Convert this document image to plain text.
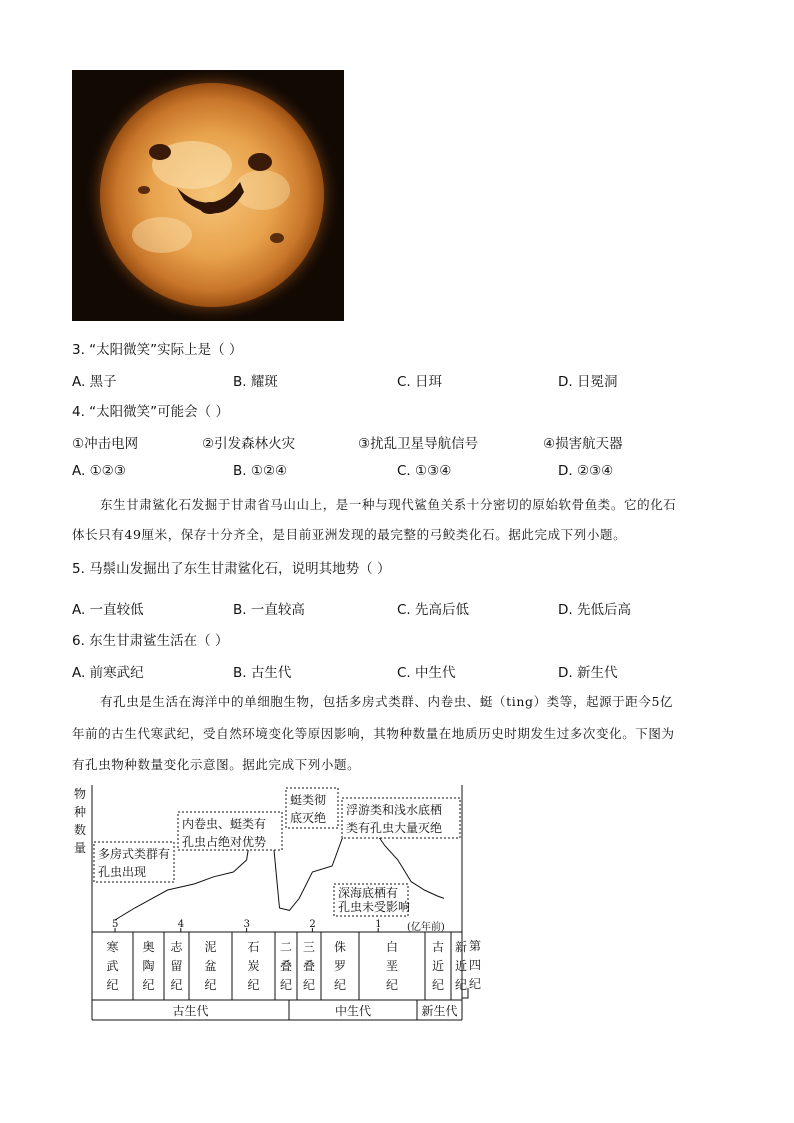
3. “太阳微笑”实际上是（ ）
A. 黑子	B. 耀斑	C. 日珥	D. 日冕洞
4. “太阳微笑”可能会（ ）
①冲击电网	②引发森林火灾	③扰乱卫星导航信号	④损害航天器
A. ①②③	B. ①②④	C. ①③④	D. ②③④
东生甘肃鲨化石发掘于甘肃省马山山上，是一种与现代鲨鱼关系十分密切的原始软骨鱼类。它的化石
体长只有49厘米，保存十分齐全，是目前亚洲发现的最完整的弓鲛类化石。据此完成下列小题。
5. 马鬃山发掘出了东生甘肃鲨化石，说明其地势（ ）
A. 一直较低	B. 一直较高	C. 先高后低	D. 先低后高
6. 东生甘肃鲨生活在（ ）
A. 前寒武纪	B. 古生代	C. 中生代	D. 新生代
有孔虫是生活在海洋中的单细胞生物，包括多房式类群、内卷虫、蜓（ting）类等，起源于距今5亿
年前的古生代寒武纪，受自然环境变化等原因影响，其物种数量在地质历史时期发生过多次变化。下图为
有孔虫物种数量变化示意图。据此完成下列小题。
物种数量
5	4	3	2	1	(亿年前)
寒武纪
奥陶纪
志留纪
泥盆纪
石炭纪
二叠纪
三叠纪
侏罗纪
白垩纪
古近纪
新近纪
第四纪
古生代	中生代	新生代
多房式类群有孔虫出现
内卷虫、蜓类有孔虫占绝对优势
蜓类彻底灭绝
浮游类和浅水底栖类有孔虫大量灭绝
深海底栖有孔虫未受影响
